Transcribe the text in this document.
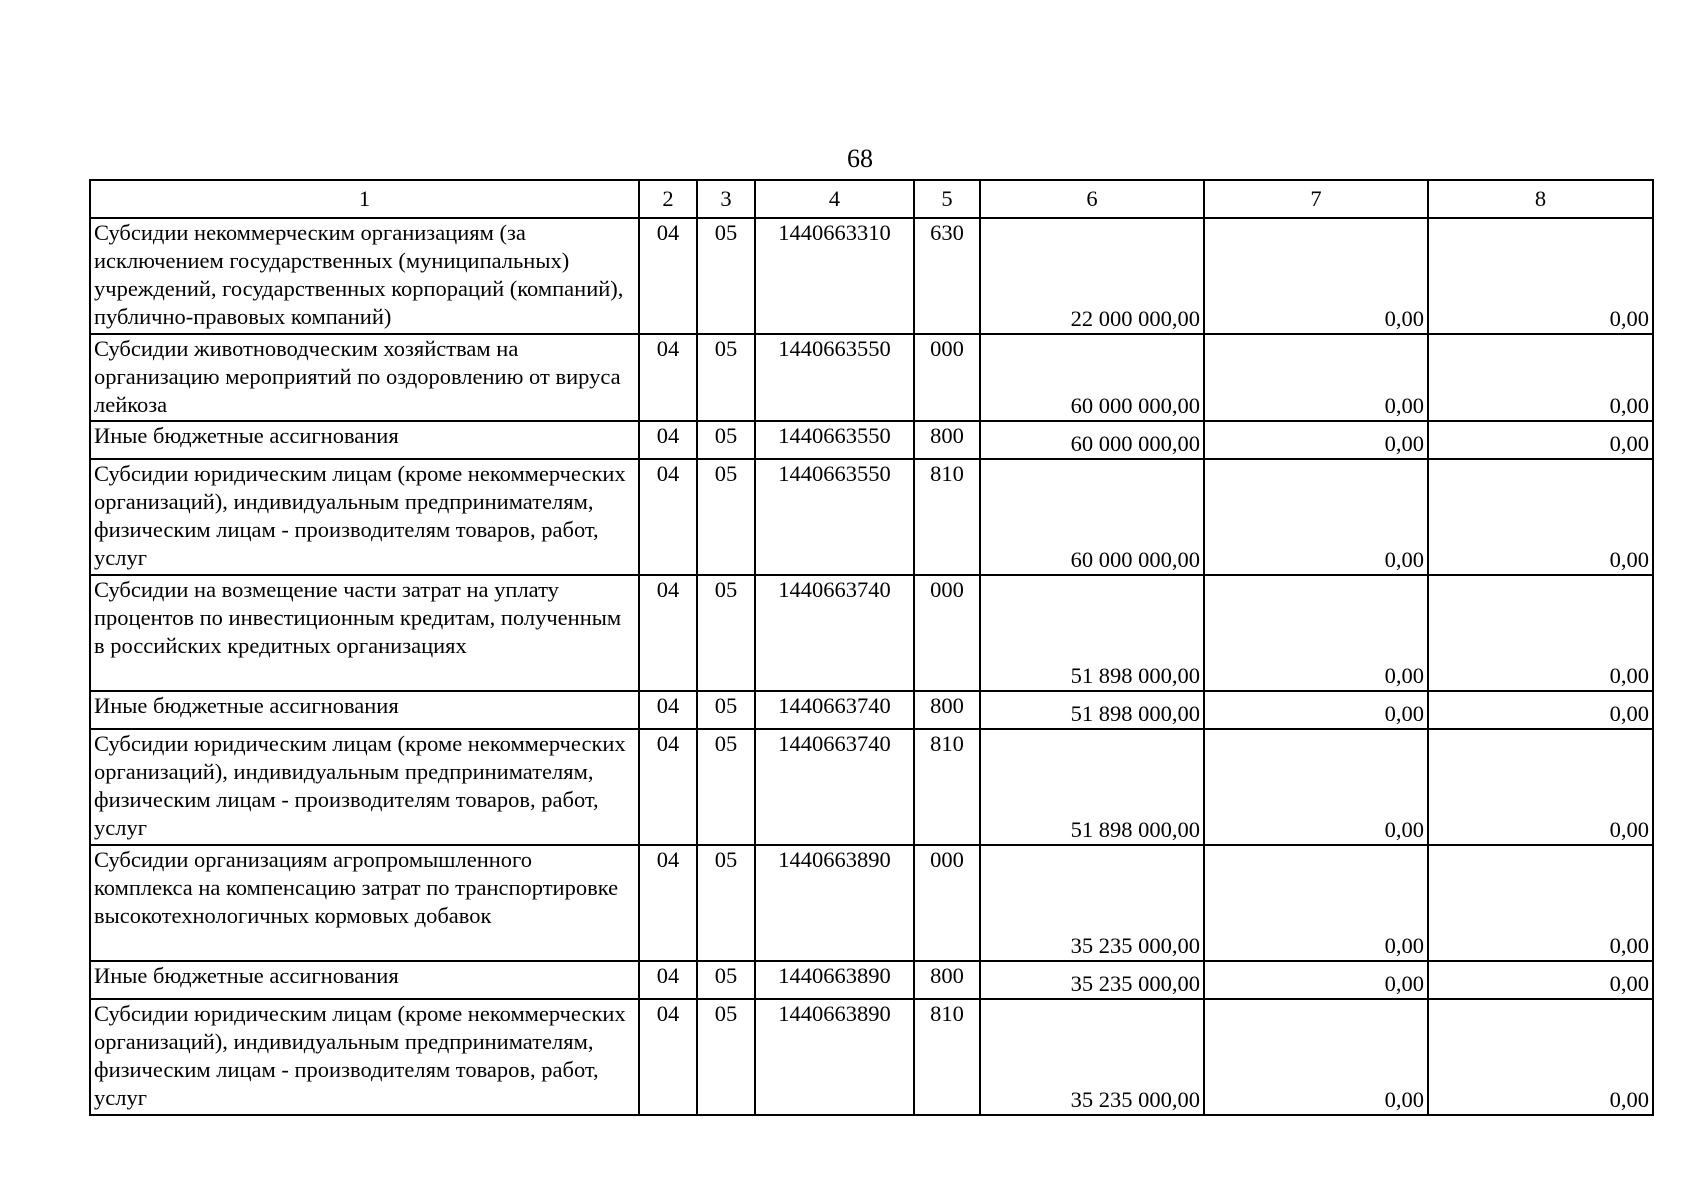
68
1	2	3	4	5	6	7	8
Субсидии некоммерческим организациям (за исключением государственных (муниципальных) учреждений, государственных корпораций (компаний), публично-правовых компаний)	04	05	1440663310	630	22 000 000,00	0,00	0,00
Субсидии животноводческим хозяйствам на организацию мероприятий по оздоровлению от вируса лейкоза	04	05	1440663550	000	60 000 000,00	0,00	0,00
Иные бюджетные ассигнования	04	05	1440663550	800	60 000 000,00	0,00	0,00
Субсидии юридическим лицам (кроме некоммерческих организаций), индивидуальным предпринимателям, физическим лицам - производителям товаров, работ, услуг	04	05	1440663550	810	60 000 000,00	0,00	0,00
Субсидии на возмещение части затрат на уплату процентов по инвестиционным кредитам, полученным в российских кредитных организациях	04	05	1440663740	000	51 898 000,00	0,00	0,00
Иные бюджетные ассигнования	04	05	1440663740	800	51 898 000,00	0,00	0,00
Субсидии юридическим лицам (кроме некоммерческих организаций), индивидуальным предпринимателям, физическим лицам - производителям товаров, работ, услуг	04	05	1440663740	810	51 898 000,00	0,00	0,00
Субсидии организациям агропромышленного комплекса на компенсацию затрат по транспортировке высокотехнологичных кормовых добавок	04	05	1440663890	000	35 235 000,00	0,00	0,00
Иные бюджетные ассигнования	04	05	1440663890	800	35 235 000,00	0,00	0,00
Субсидии юридическим лицам (кроме некоммерческих организаций), индивидуальным предпринимателям, физическим лицам - производителям товаров, работ, услуг	04	05	1440663890	810	35 235 000,00	0,00	0,00
